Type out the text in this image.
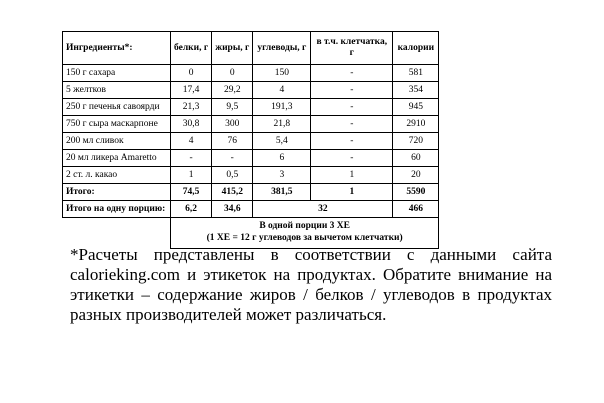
Ингредиенты*:	белки, г	жиры, г	углеводы, г	в т.ч. клетчатка, г	калории
150 г сахара	0	0	150	-	581
5 желтков	17,4	29,2	4	-	354
250 г печенья савоярди	21,3	9,5	191,3	-	945
750 г сыра маскарпоне	30,8	300	21,8	-	2910
200 мл сливок	4	76	5,4	-	720
20 мл ликера Amaretto	-	-	6	-	60
2 ст. л. какао	1	0,5	3	1	20
Итого:	74,5	415,2	381,5	1	5590
Итого на одну порцию:	6,2	34,6	32		466
	В одной порции 3 ХЕ
(1 ХЕ = 12 г углеводов за вычетом клетчатки)				
*Расчеты представлены в соответствии с данными сайта calorieking.com и этикеток на продуктах. Обратите внимание на этикетки – содержание жиров / белков / углеводов в продуктах разных производителей может различаться.
